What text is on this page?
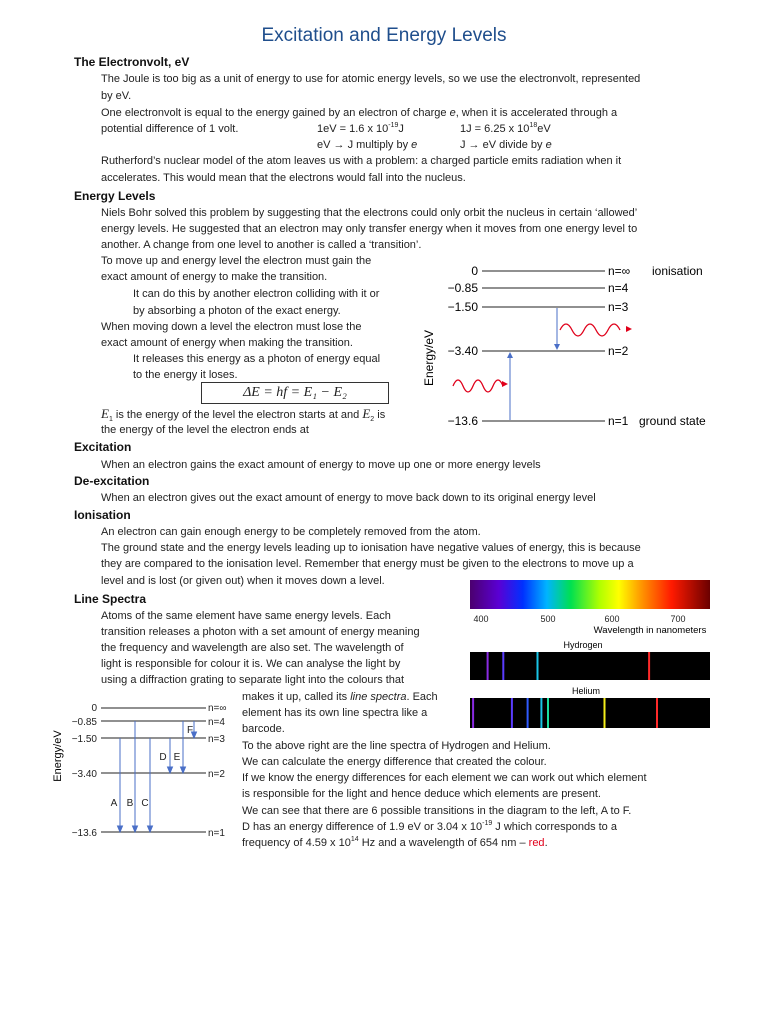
Excitation and Energy Levels
The Electronvolt, eV
The Joule is too big as a unit of energy to use for atomic energy levels, so we use the electronvolt, represented
by eV.
One electronvolt is equal to the energy gained by an electron of charge e, when it is accelerated through a
potential difference of 1 volt.	1eV = 1.6 x $10^{-19}J$	1J = 6.25 x $10^{18}eV$
eV → J multiply by e	J → eV divide by e
Rutherford’s nuclear model of the atom leaves us with a problem: a charged particle emits radiation when it
accelerates. This would mean that the electrons would fall into the nucleus.
Energy Levels
Niels Bohr solved this problem by suggesting that the electrons could only orbit the nucleus in certain ‘allowed’
energy levels. He suggested that an electron may only transfer energy when it moves from one energy level to
another. A change from one level to another is called a ‘transition’.
To move up and energy level the electron must gain the
exact amount of energy to make the transition.
It can do this by another electron colliding with it or
by absorbing a photon of the exact energy.
When moving down a level the electron must lose the
exact amount of energy when making the transition.
It releases this energy as a photon of energy equal
to the energy it loses.
ΔE = hf = E₁ − E₂
$E_1$ is the energy of the level the electron starts at and $E_2$ is
the energy of the level the electron ends at
Energy/eV
0	n=∞ ionisation
−0.85	n=4
−1.50	n=3
−3.40	n=2
−13.6	n=1 ground state
Excitation
When an electron gains the exact amount of energy to move up one or more energy levels
De-excitation
When an electron gives out the exact amount of energy to move back down to its original energy level
Ionisation
An electron can gain enough energy to be completely removed from the atom.
The ground state and the energy levels leading up to ionisation have negative values of energy, this is because
they are compared to the ionisation level. Remember that energy must be given to the electrons to move up a
level and is lost (or given out) when it moves down a level.
Line Spectra
Atoms of the same element have same energy levels. Each
transition releases a photon with a set amount of energy meaning
the frequency and wavelength are also set. The wavelength of
light is responsible for colour it is. We can analyse the light by
using a diffraction grating to separate light into the colours that
makes it up, called its line spectra. Each
element has its own line spectra like a
barcode.
To the above right are the line spectra of Hydrogen and Helium.
We can calculate the energy difference that created the colour.
If we know the energy differences for each element we can work out which element
is responsible for the light and hence deduce which elements are present.
We can see that there are 6 possible transitions in the diagram to the left, A to F.
D has an energy difference of 1.9 eV or 3.04 x $10^{-19}$ J which corresponds to a
frequency of 4.59 x $10^{14}$ Hz and a wavelength of 654 nm – red.
400	500	600	700
Wavelength in nanometers
Hydrogen
Helium
Energy/eV
0	n=∞
−0.85	n=4
−1.50	n=3
−3.40	n=2
−13.6	n=1
A B C
D E
F
